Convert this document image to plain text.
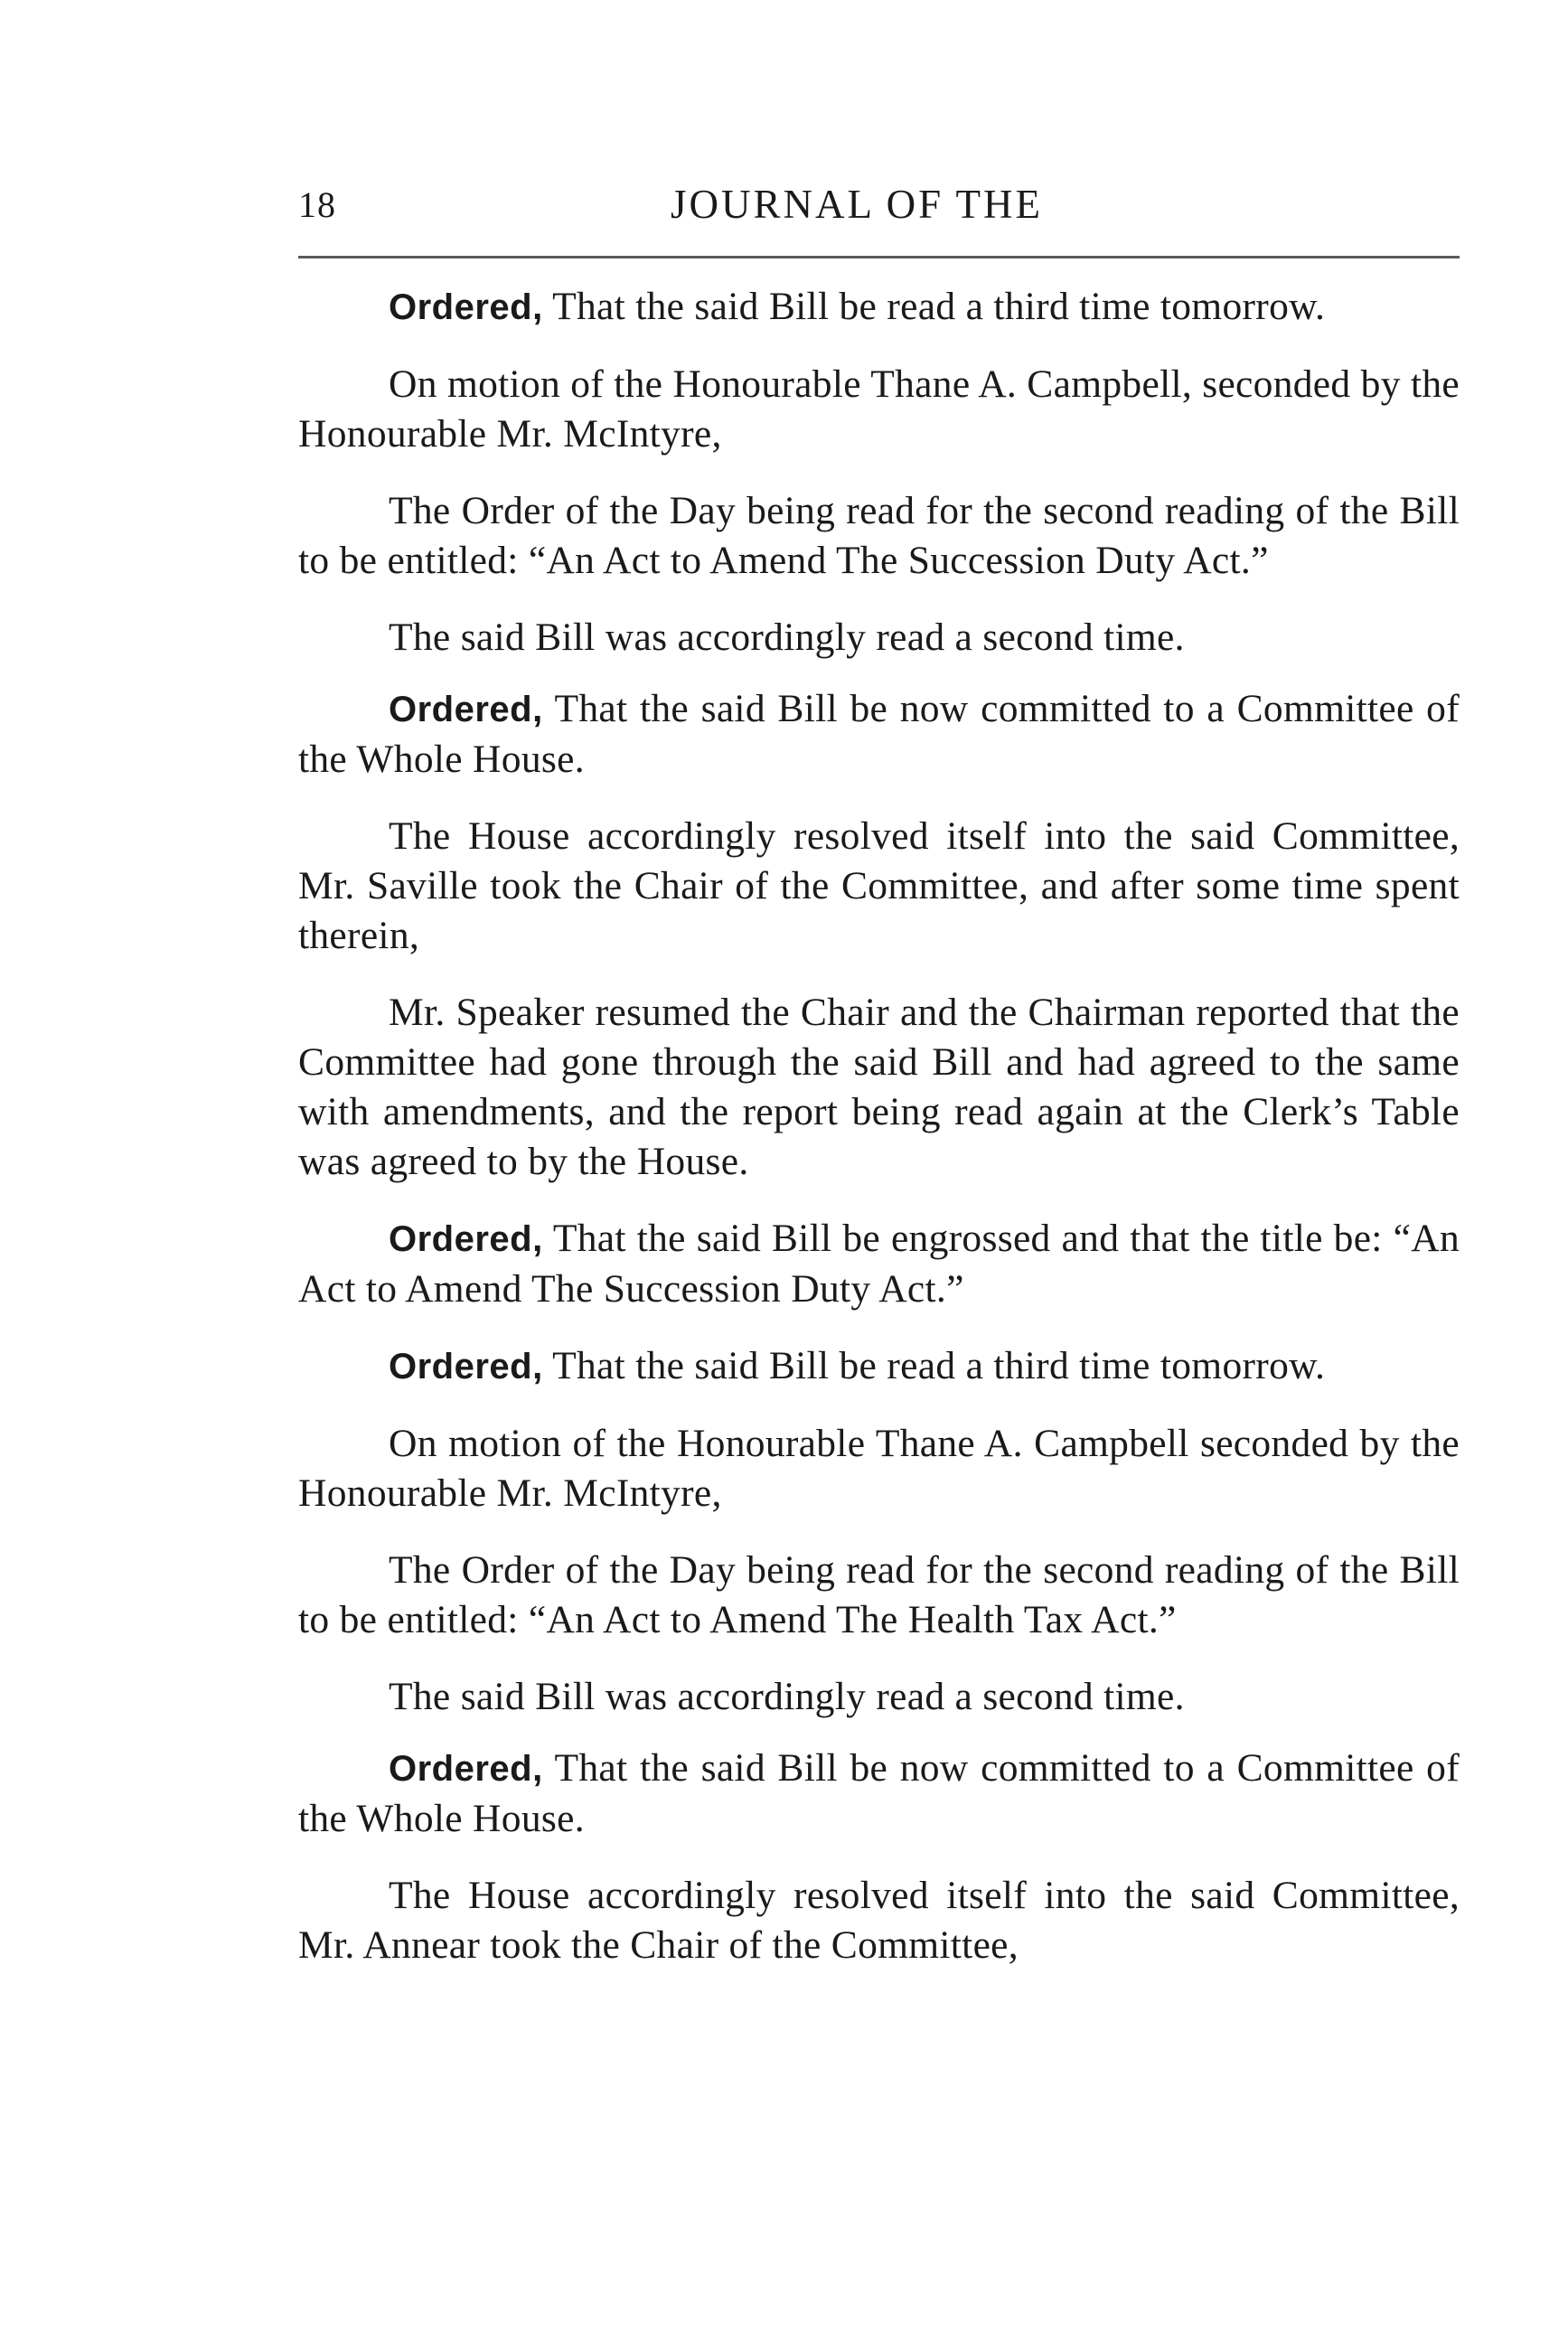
18	JOURNAL OF THE

Ordered, That the said Bill be read a third time tomorrow.

On motion of the Honourable Thane A. Campbell, seconded by the Honourable Mr. McIntyre,

The Order of the Day being read for the second reading of the Bill to be entitled: “An Act to Amend The Succession Duty Act.”

The said Bill was accordingly read a second time.

Ordered, That the said Bill be now committed to a Committee of the Whole House.

The House accordingly resolved itself into the said Committee, Mr. Saville took the Chair of the Committee, and after some time spent therein,

Mr. Speaker resumed the Chair and the Chairman reported that the Committee had gone through the said Bill and had agreed to the same with amendments, and the report being read again at the Clerk’s Table was agreed to by the House.

Ordered, That the said Bill be engrossed and that the title be: “An Act to Amend The Succession Duty Act.”

Ordered, That the said Bill be read a third time tomorrow.

On motion of the Honourable Thane A. Campbell seconded by the Honourable Mr. McIntyre,

The Order of the Day being read for the second reading of the Bill to be entitled: “An Act to Amend The Health Tax Act.”

The said Bill was accordingly read a second time.

Ordered, That the said Bill be now committed to a Committee of the Whole House.

The House accordingly resolved itself into the said Committee, Mr. Annear took the Chair of the Committee,
